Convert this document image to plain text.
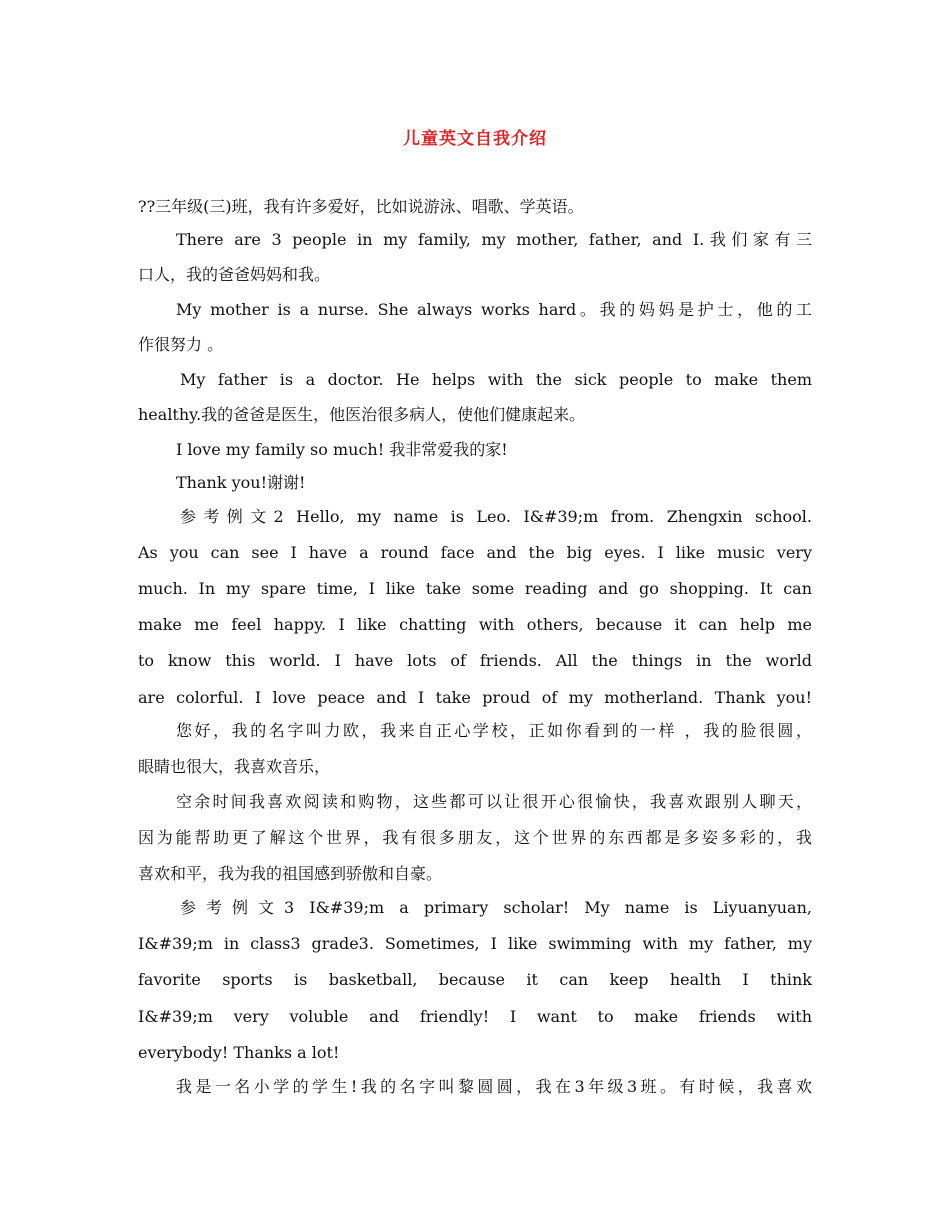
儿童英文自我介绍
??三年级(三)班，我有许多爱好，比如说游泳、唱歌、学英语。
There are 3 people in my family, my mother, father, and I.我们家有三
口人，我的爸爸妈妈和我。
My mother is a nurse. She always works hard。我的妈妈是护士，他的工
作很努力 。
My father is a doctor. He helps with the sick people to make them
healthy.我的爸爸是医生，他医治很多病人，使他们健康起来。
I love my family so much! 我非常爱我的家!
Thank you!谢谢!
参考例文2 Hello, my name is Leo. I&#39;m from. Zhengxin school.
As you can see I have a round face and the big eyes. I like music very
much. In my spare time, I like take some reading and go shopping. It can
make me feel happy. I like chatting with others, because it can help me
to know this world. I have lots of friends. All the things in the world
are colorful. I love peace and I take proud of my motherland. Thank you!
您好，我的名字叫力欧，我来自正心学校，正如你看到的一样 ，我的脸很圆，
眼睛也很大，我喜欢音乐，
空余时间我喜欢阅读和购物，这些都可以让很开心很愉快，我喜欢跟别人聊天，
因为能帮助更了解这个世界，我有很多朋友，这个世界的东西都是多姿多彩的，我
喜欢和平，我为我的祖国感到骄傲和自豪。
参考例文3 I&#39;m a primary scholar! My name is Liyuanyuan,
I&#39;m in class3 grade3. Sometimes, I like swimming with my father, my
favorite sports is basketball, because it can keep health I think
I&#39;m very voluble and friendly! I want to make friends with
everybody! Thanks a lot!
我是一名小学的学生!我的名字叫黎圆圆，我在3年级3班。有时候，我喜欢
